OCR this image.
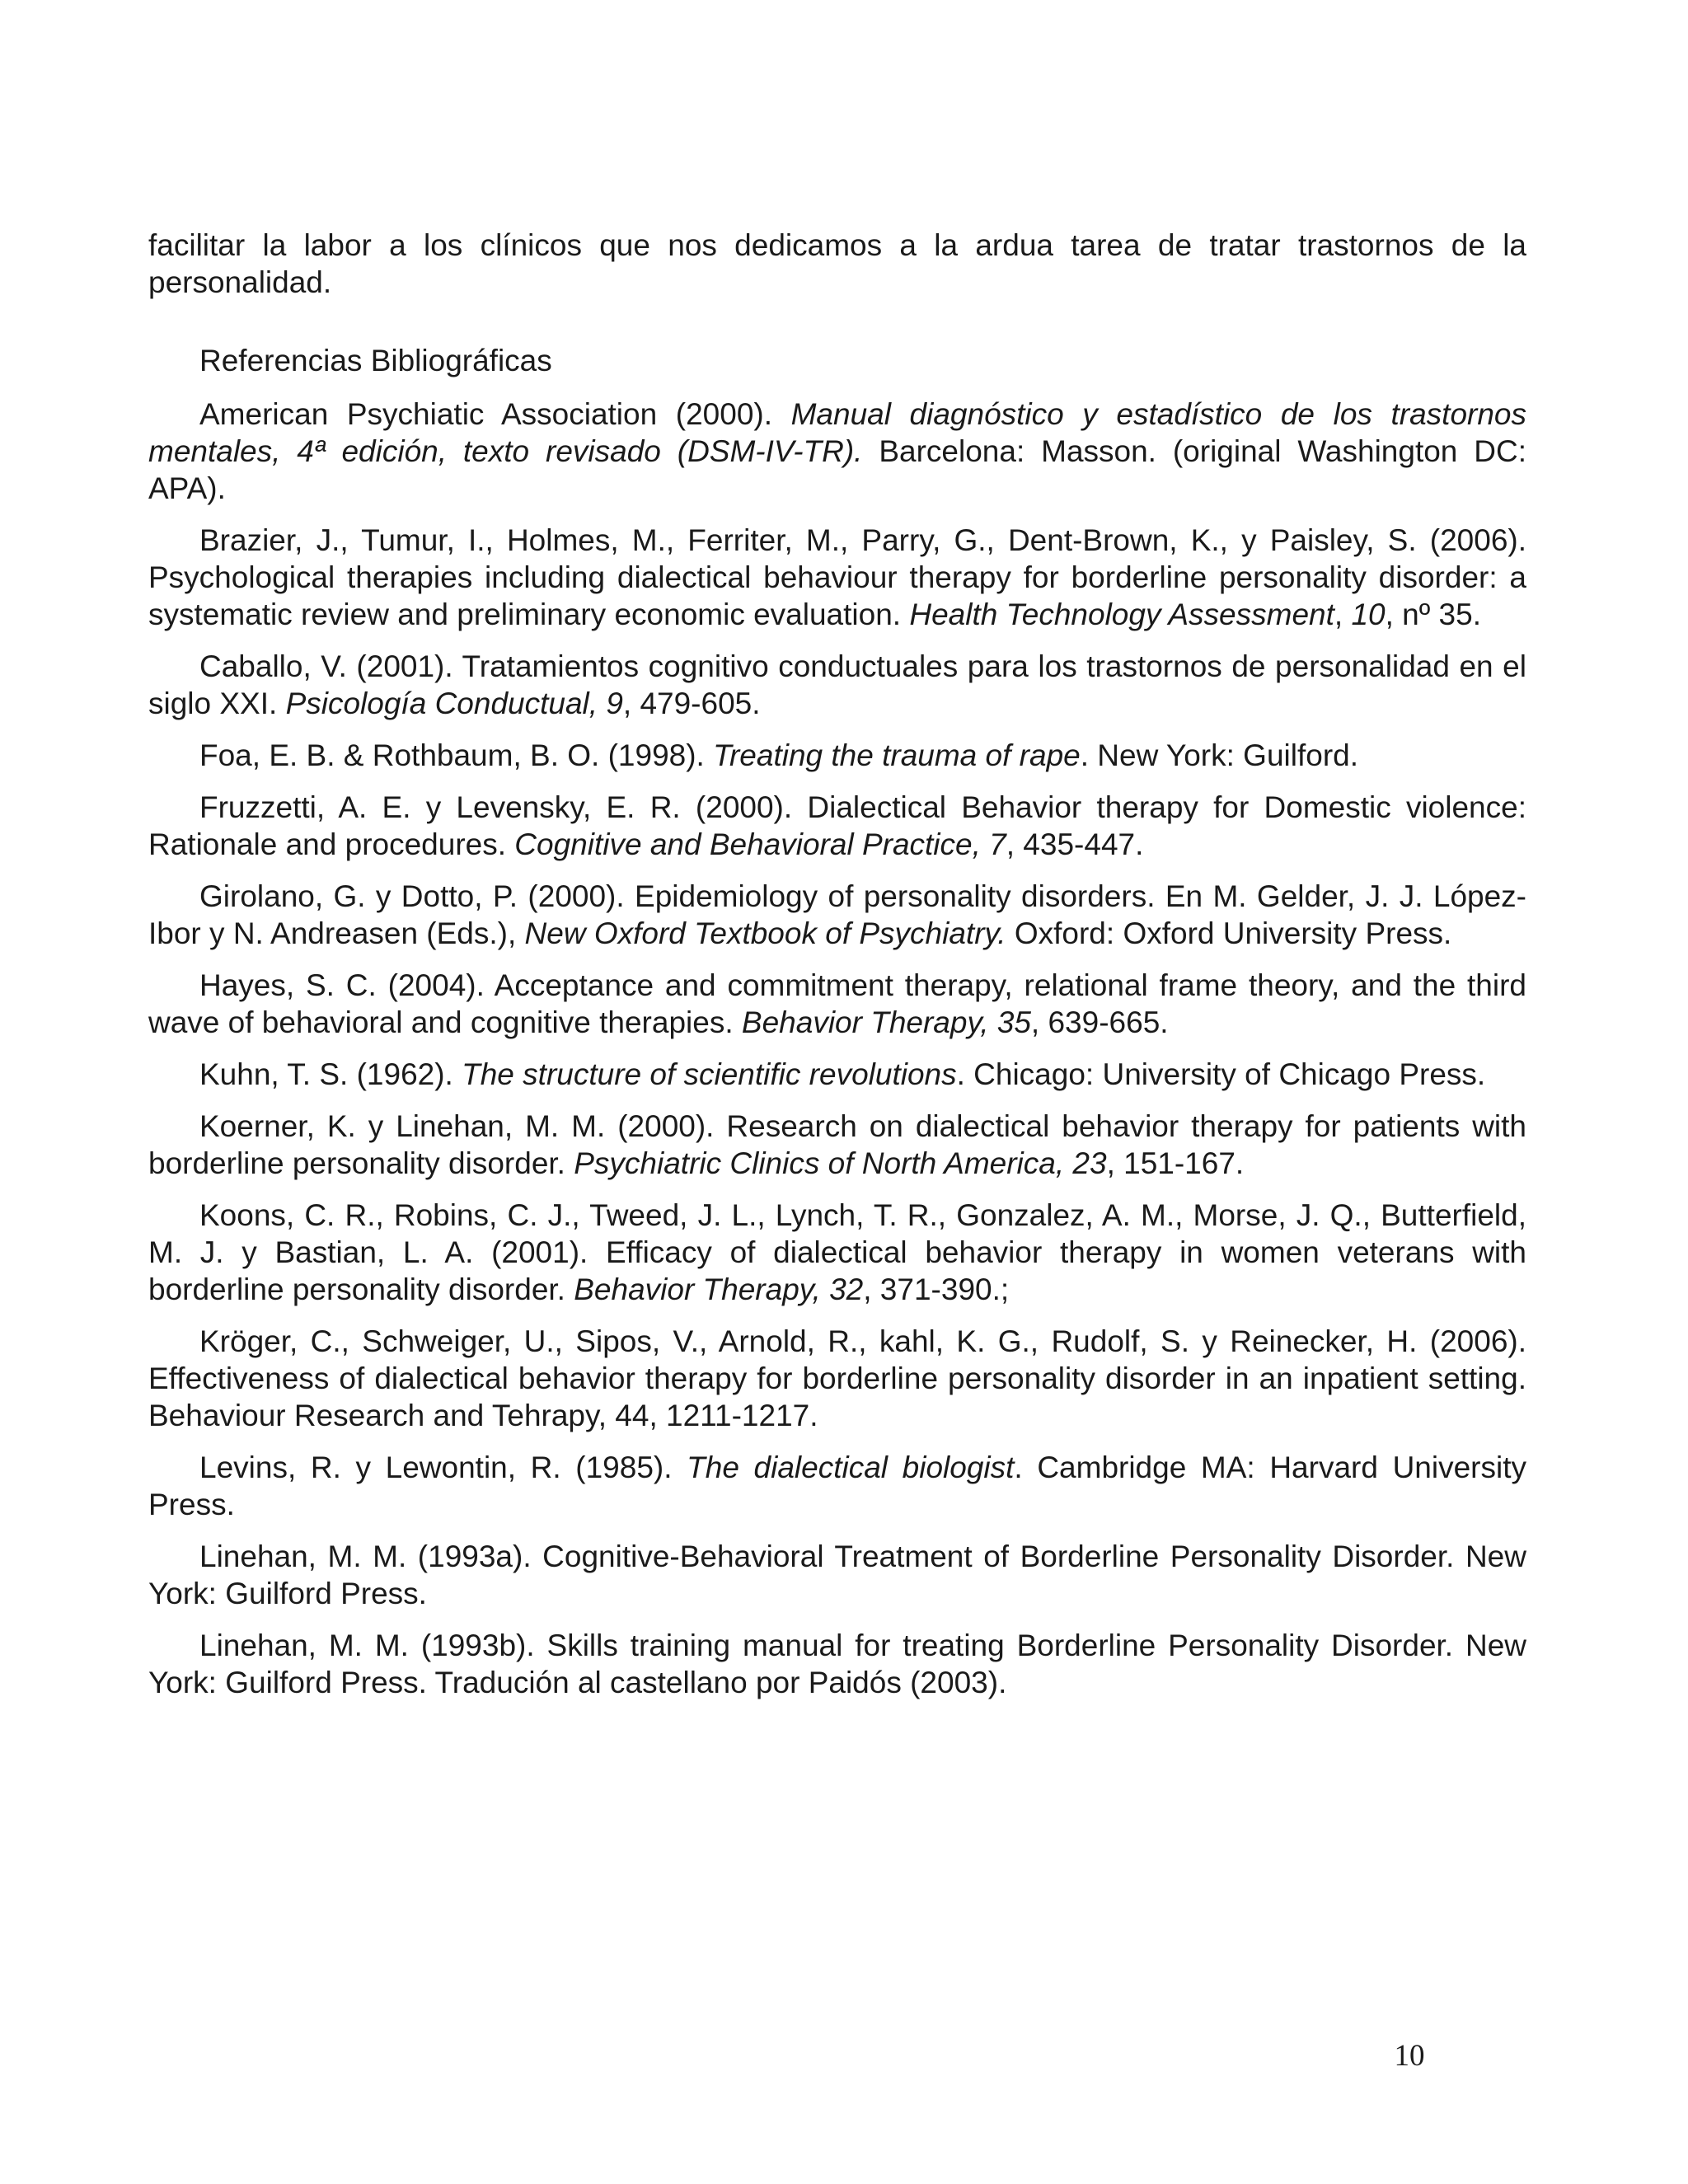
facilitar la labor a los clínicos que nos dedicamos a la ardua tarea de tratar trastornos de la personalidad.

Referencias Bibliográficas

American Psychiatic Association (2000). Manual diagnóstico y estadístico de los trastornos mentales, 4ª edición, texto revisado (DSM-IV-TR). Barcelona: Masson. (original Washington DC: APA).

Brazier, J., Tumur, I., Holmes, M., Ferriter, M., Parry, G., Dent-Brown, K., y Paisley, S. (2006). Psychological therapies including dialectical behaviour therapy for borderline personality disorder: a systematic review and preliminary economic evaluation. Health Technology Assessment, 10, nº 35.

Caballo, V. (2001). Tratamientos cognitivo conductuales para los trastornos de personalidad en el siglo XXI. Psicología Conductual, 9, 479-605.

Foa, E. B. & Rothbaum, B. O. (1998). Treating the trauma of rape. New York: Guilford.

Fruzzetti, A. E. y Levensky, E. R. (2000). Dialectical Behavior therapy for Domestic violence: Rationale and procedures. Cognitive and Behavioral Practice, 7, 435-447.

Girolano, G. y Dotto, P. (2000). Epidemiology of personality disorders. En M. Gelder, J. J. López-Ibor y N. Andreasen (Eds.), New Oxford Textbook of Psychiatry. Oxford: Oxford University Press.

Hayes, S. C. (2004). Acceptance and commitment therapy, relational frame theory, and the third wave of behavioral and cognitive therapies. Behavior Therapy, 35, 639-665.

Kuhn, T. S. (1962). The structure of scientific revolutions. Chicago: University of Chicago Press.

Koerner, K. y Linehan, M. M. (2000). Research on dialectical behavior therapy for patients with borderline personality disorder. Psychiatric Clinics of North America, 23, 151-167.

Koons, C. R., Robins, C. J., Tweed, J. L., Lynch, T. R., Gonzalez, A. M., Morse, J. Q., Butterfield, M. J. y Bastian, L. A. (2001). Efficacy of dialectical behavior therapy in women veterans with borderline personality disorder. Behavior Therapy, 32, 371-390.;

Kröger, C., Schweiger, U., Sipos, V., Arnold, R., kahl, K. G., Rudolf, S. y Reinecker, H. (2006). Effectiveness of dialectical behavior therapy for borderline personality disorder in an inpatient setting. Behaviour Research and Tehrapy, 44, 1211-1217.

Levins, R. y Lewontin, R. (1985). The dialectical biologist. Cambridge MA: Harvard University Press.

Linehan, M. M. (1993a). Cognitive-Behavioral Treatment of Borderline Personality Disorder. New York: Guilford Press.

Linehan, M. M. (1993b). Skills training manual for treating Borderline Personality Disorder. New York: Guilford Press. Tradución al castellano por Paidós (2003).

10
